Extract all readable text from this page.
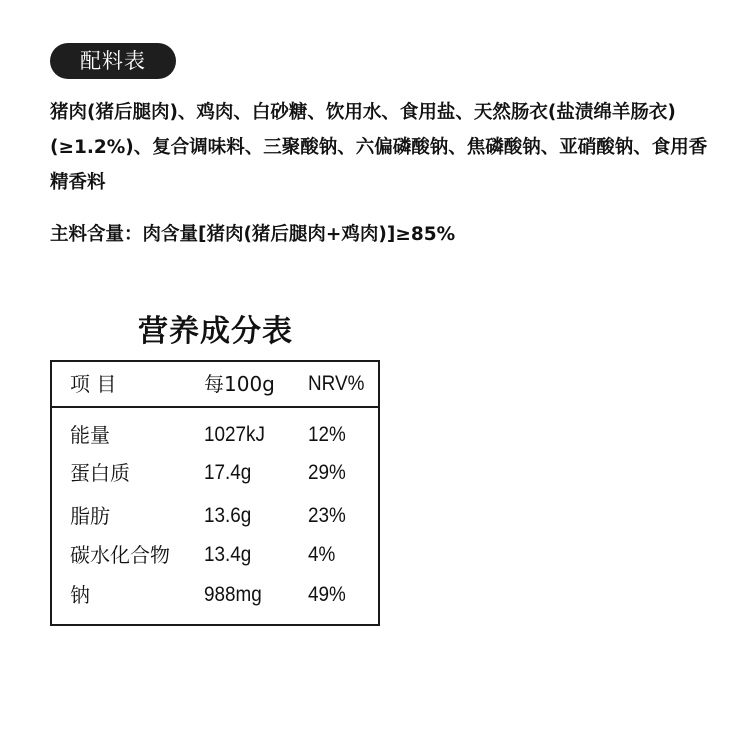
配料表

猪肉(猪后腿肉)、鸡肉、白砂糖、饮用水、食用盐、天然肠衣(盐渍绵羊肠衣)(≥1.2%)、复合调味料、三聚酸钠、六偏磷酸钠、焦磷酸钠、亚硝酸钠、食用香精香料

主料含量：肉含量[猪肉(猪后腿肉+鸡肉)]≥85%
营养成分表
项 目	每100g NRV%
能量	1027kJ 12%
蛋白质	17.4g	29%
脂肪	13.6g	23%
碳水化合物 13.4g	4%
钠	988mg 49%
